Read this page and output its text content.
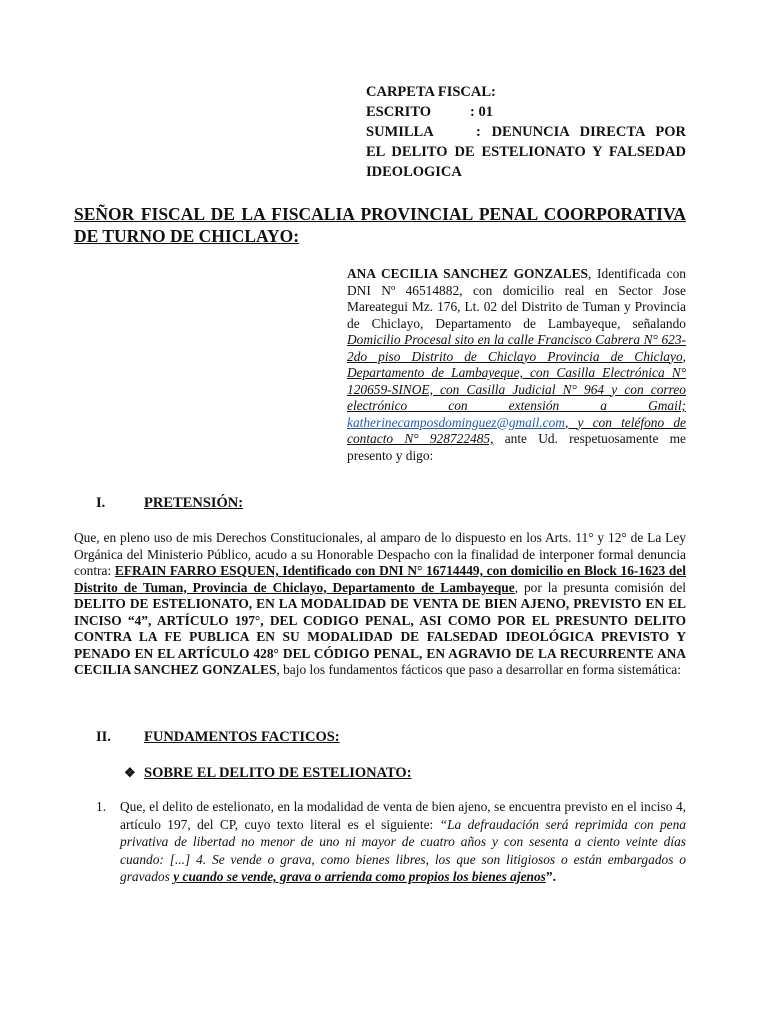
CARPETA FISCAL:
ESCRITO	: 01
SUMILLA	: DENUNCIA DIRECTA POR EL DELITO DE ESTELIONATO Y FALSEDAD IDEOLOGICA
SEÑOR FISCAL DE LA FISCALIA PROVINCIAL PENAL COORPORATIVA DE TURNO DE CHICLAYO:
ANA CECILIA SANCHEZ GONZALES, Identificada con DNI Nº 46514882, con domicilio real en Sector Jose Mareategui Mz. 176, Lt. 02 del Distrito de Tuman y Provincia de Chiclayo, Departamento de Lambayeque, señalando Domicilio Procesal sito en la calle Francisco Cabrera N° 623-2do piso Distrito de Chiclayo Provincia de Chiclayo, Departamento de Lambayeque, con Casilla Electrónica N° 120659-SINOE, con Casilla Judicial N° 964 y con correo electrónico con extensión a Gmail; katherinecamposdominguez@gmail.com, y con teléfono de contacto N° 928722485, ante Ud. respetuosamente me presento y digo:
I.	PRETENSIÓN:
Que, en pleno uso de mis Derechos Constitucionales, al amparo de lo dispuesto en los Arts. 11° y 12° de La Ley Orgánica del Ministerio Público, acudo a su Honorable Despacho con la finalidad de interponer formal denuncia contra: EFRAIN FARRO ESQUEN, Identificado con DNI N° 16714449, con domicilio en Block 16-1623 del Distrito de Tuman, Provincia de Chiclayo, Departamento de Lambayeque, por la presunta comisión del DELITO DE ESTELIONATO, EN LA MODALIDAD DE VENTA DE BIEN AJENO, PREVISTO EN EL INCISO “4”, ARTÍCULO 197°, DEL CODIGO PENAL, ASI COMO POR EL PRESUNTO DELITO CONTRA LA FE PUBLICA EN SU MODALIDAD DE FALSEDAD IDEOLÓGICA PREVISTO Y PENADO EN EL ARTÍCULO 428° DEL CÓDIGO PENAL, EN AGRAVIO DE LA RECURRENTE ANA CECILIA SANCHEZ GONZALES, bajo los fundamentos fácticos que paso a desarrollar en forma sistemática:
II. FUNDAMENTOS FACTICOS:
❖ SOBRE EL DELITO DE ESTELIONATO:
1. Que, el delito de estelionato, en la modalidad de venta de bien ajeno, se encuentra previsto en el inciso 4, artículo 197, del CP, cuyo texto literal es el siguiente: “La defraudación será reprimida con pena privativa de libertad no menor de uno ni mayor de cuatro años y con sesenta a ciento veinte días cuando: [...] 4. Se vende o grava, como bienes libres, los que son litigiosos o están embargados o gravados y cuando se vende, grava o arrienda como propios los bienes ajenos”.
